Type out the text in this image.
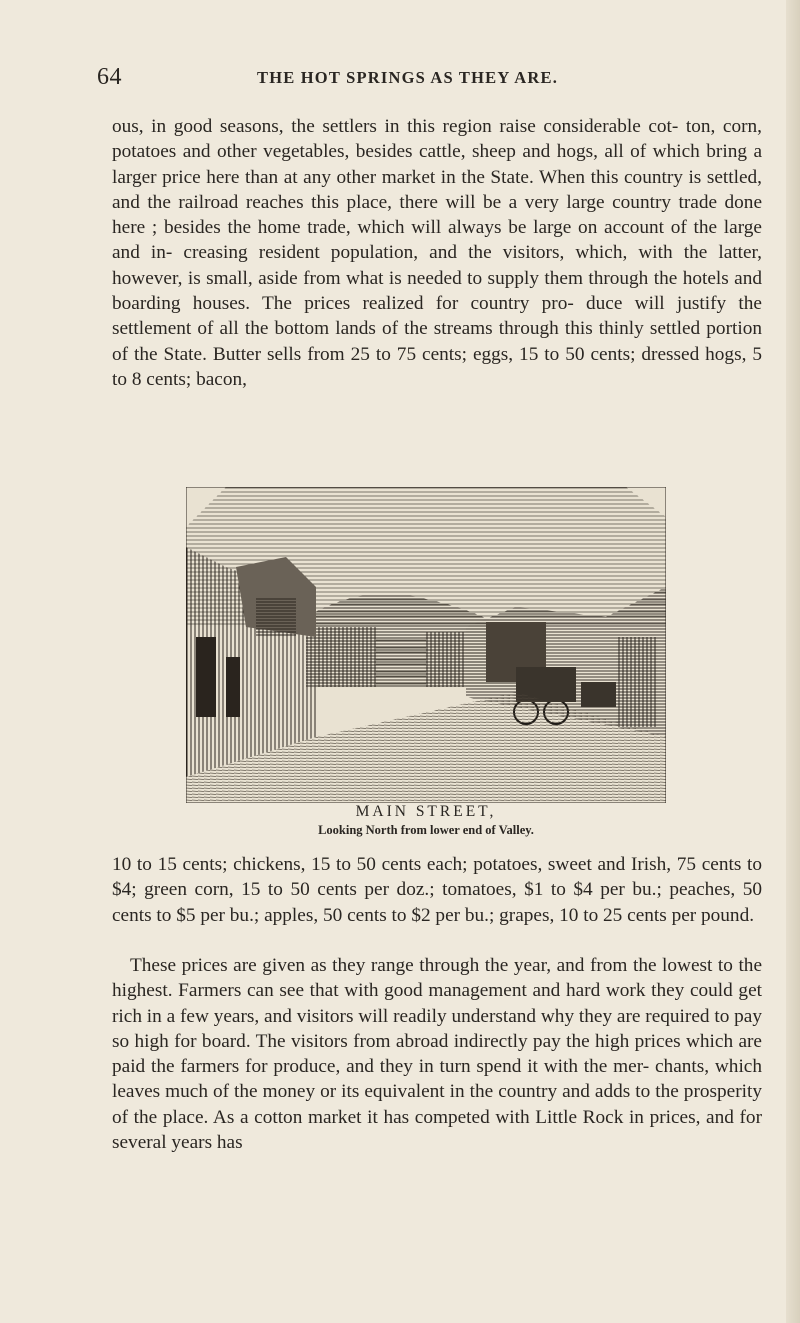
64	THE HOT SPRINGS AS THEY ARE.
ous, in good seasons, the settlers in this region raise considerable cot- ton, corn, potatoes and other vegetables, besides cattle, sheep and hogs, all of which bring a larger price here than at any other market in the State. When this country is settled, and the railroad reaches this place, there will be a very large country trade done here ; besides the home trade, which will always be large on account of the large and in- creasing resident population, and the visitors, which, with the latter, however, is small, aside from what is needed to supply them through the hotels and boarding houses. The prices realized for country pro- duce will justify the settlement of all the bottom lands of the streams through this thinly settled portion of the State. Butter sells from 25 to 75 cents; eggs, 15 to 50 cents; dressed hogs, 5 to 8 cents; bacon,
MAIN STREET,
Looking North from lower end of Valley.
10 to 15 cents; chickens, 15 to 50 cents each; potatoes, sweet and Irish, 75 cents to $4; green corn, 15 to 50 cents per doz.; tomatoes, $1 to $4 per bu.; peaches, 50 cents to $5 per bu.; apples, 50 cents to $2 per bu.; grapes, 10 to 25 cents per pound.
These prices are given as they range through the year, and from the lowest to the highest. Farmers can see that with good management and hard work they could get rich in a few years, and visitors will readily understand why they are required to pay so high for board. The visitors from abroad indirectly pay the high prices which are paid the farmers for produce, and they in turn spend it with the mer- chants, which leaves much of the money or its equivalent in the country and adds to the prosperity of the place. As a cotton market it has competed with Little Rock in prices, and for several years has
